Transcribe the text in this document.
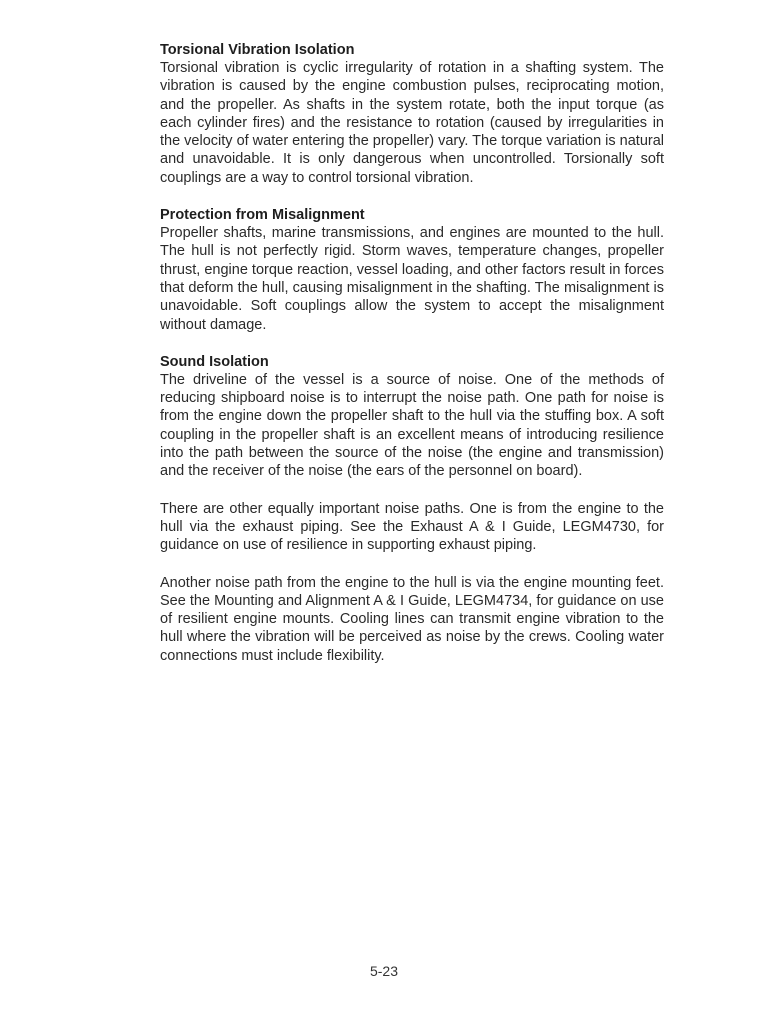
Torsional Vibration Isolation

Torsional vibration is cyclic irregularity of rotation in a shafting system. The vibration is caused by the engine combustion pulses, reciprocating motion, and the propeller. As shafts in the system rotate, both the input torque (as each cylinder fires) and the resistance to rotation (caused by irregularities in the velocity of water entering the propeller) vary. The torque variation is natural and unavoidable. It is only dangerous when uncontrolled. Torsionally soft couplings are a way to control torsional vibration.

Protection from Misalignment

Propeller shafts, marine transmissions, and engines are mounted to the hull. The hull is not perfectly rigid. Storm waves, temperature changes, propeller thrust, engine torque reaction, vessel loading, and other factors result in forces that deform the hull, causing misalignment in the shafting. The misalignment is unavoidable. Soft couplings allow the system to accept the misalignment without damage.

Sound Isolation

The driveline of the vessel is a source of noise. One of the methods of reducing shipboard noise is to interrupt the noise path. One path for noise is from the engine down the propeller shaft to the hull via the stuffing box. A soft coupling in the propeller shaft is an excellent means of introducing resilience into the path between the source of the noise (the engine and transmission) and the receiver of the noise (the ears of the personnel on board).

There are other equally important noise paths. One is from the engine to the hull via the exhaust piping. See the Exhaust A & I Guide, LEGM4730, for guidance on use of resilience in supporting exhaust piping.

Another noise path from the engine to the hull is via the engine mounting feet. See the Mounting and Alignment A & I Guide, LEGM4734, for guidance on use of resilient engine mounts. Cooling lines can transmit engine vibration to the hull where the vibration will be perceived as noise by the crews. Cooling water connections must include flexibility.

5-23
